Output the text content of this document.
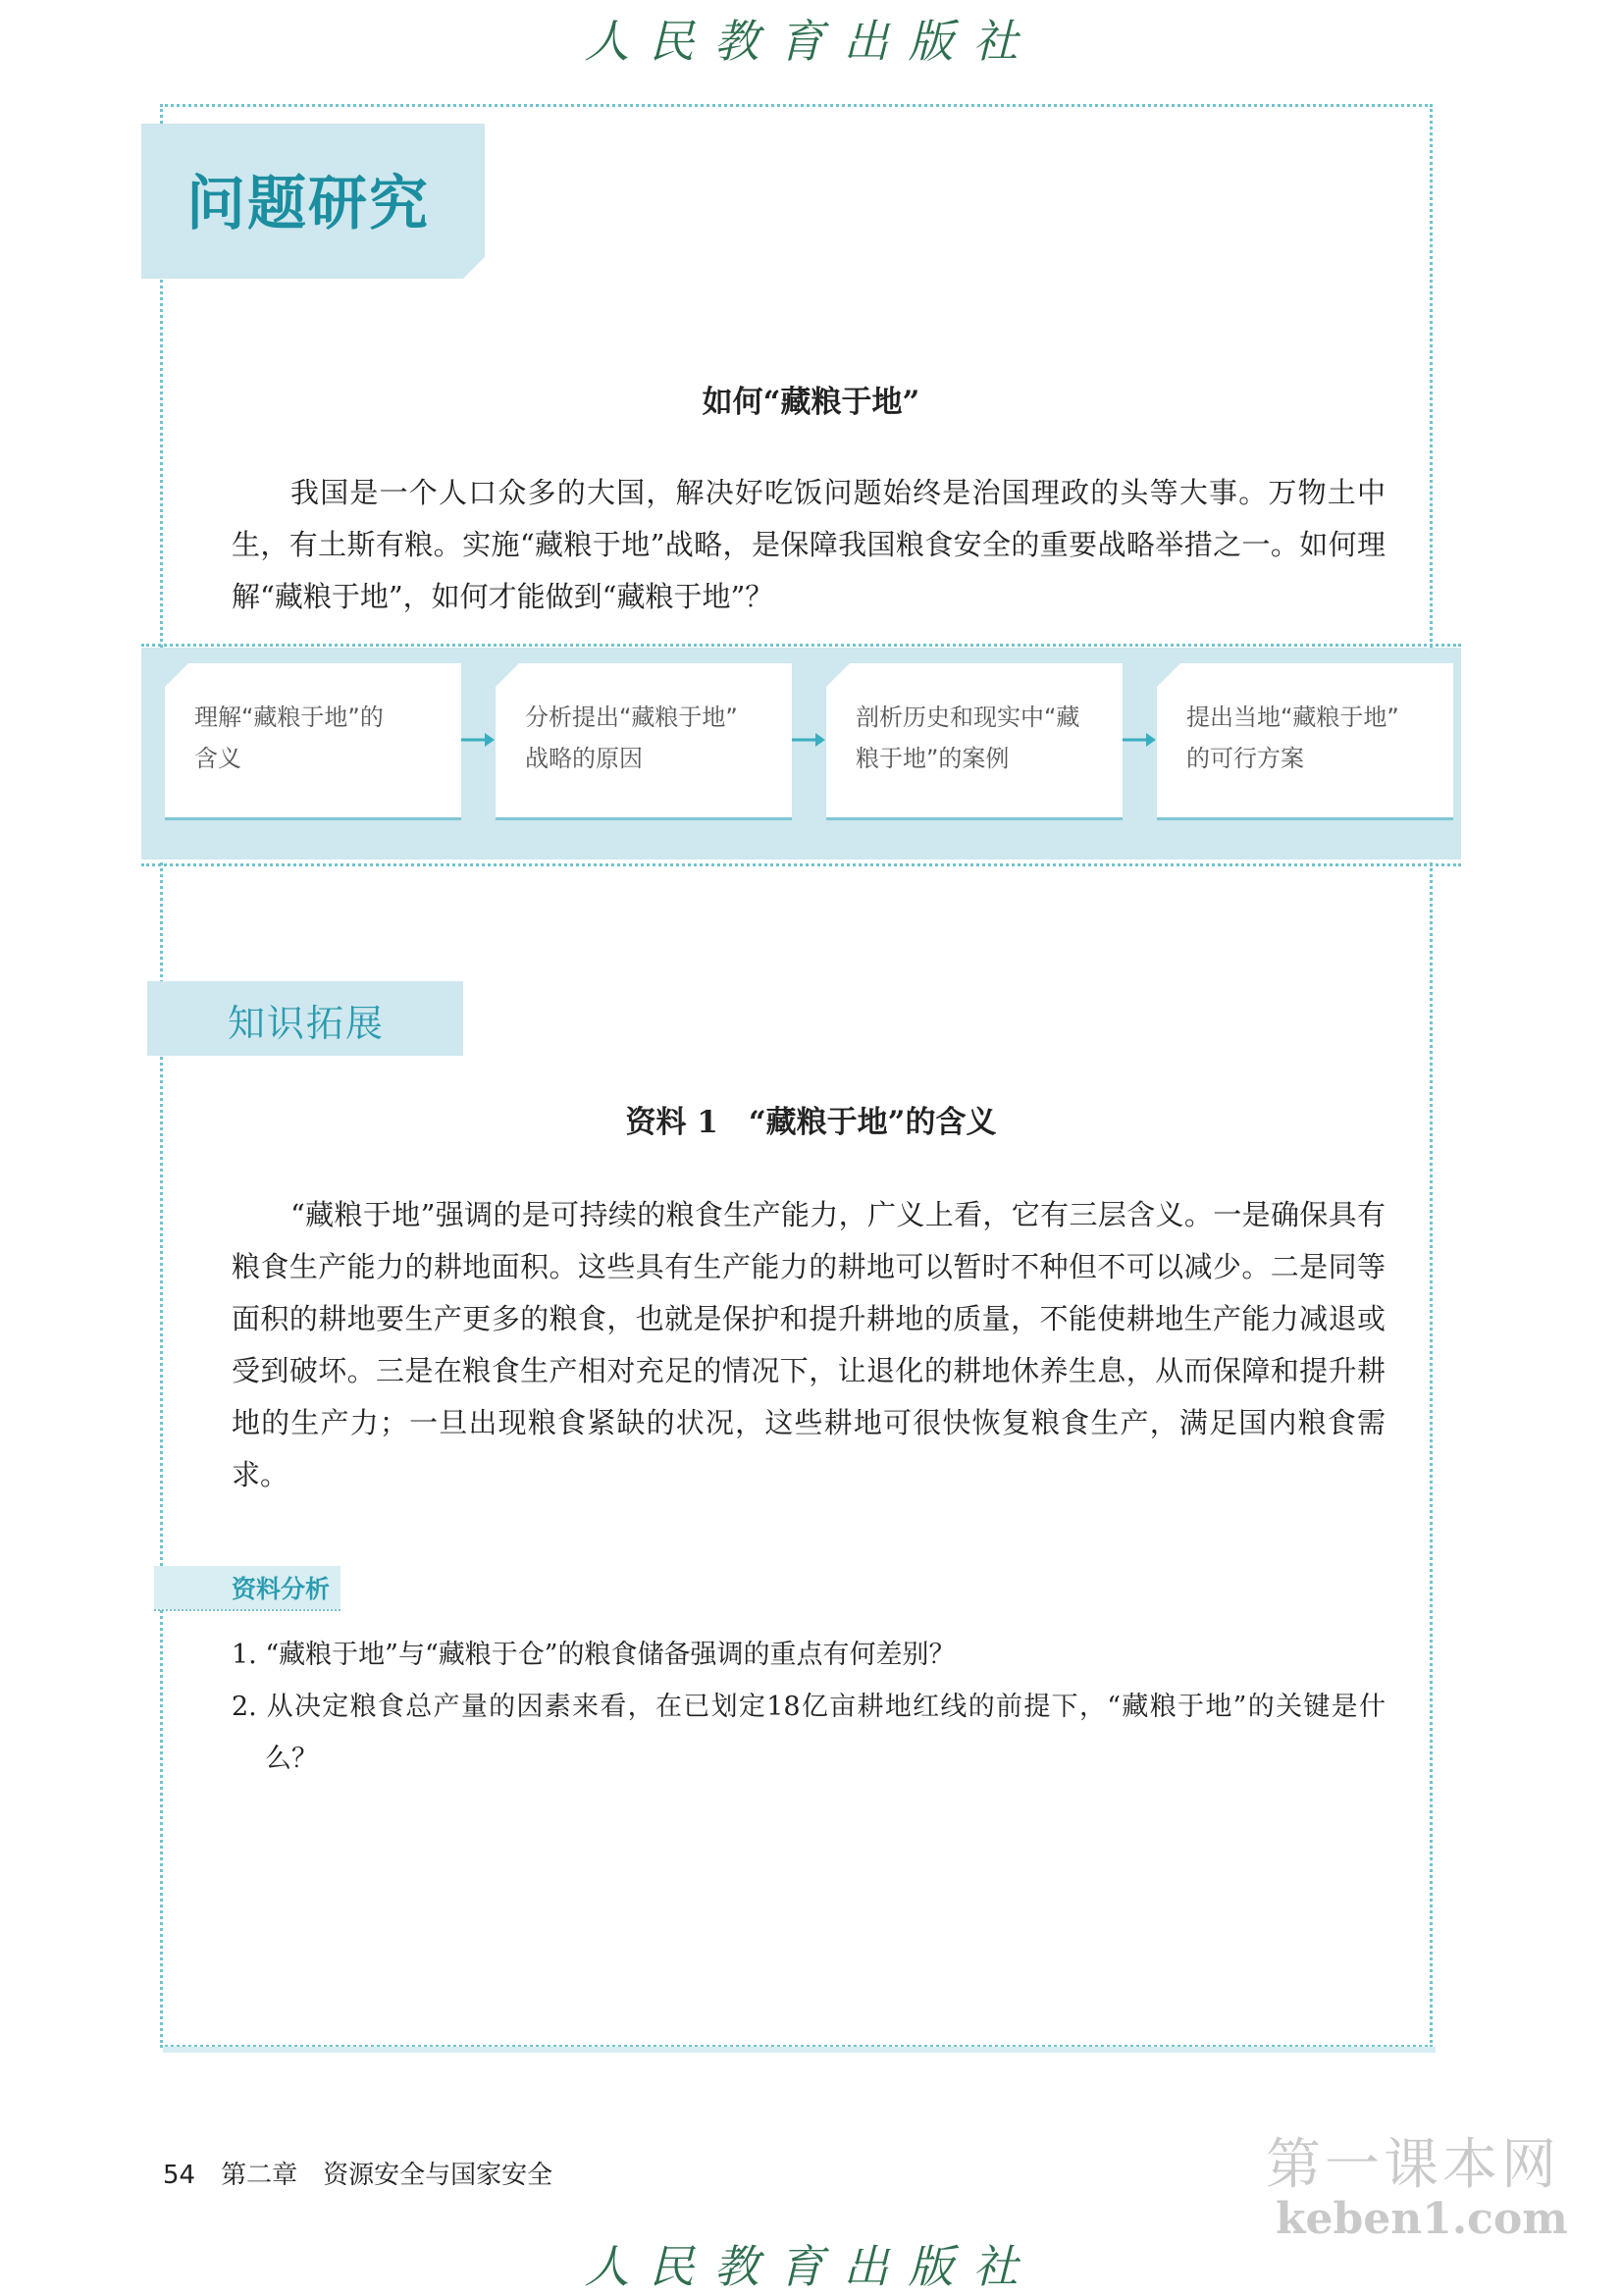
人民教育出版社
问题研究
如何“藏粮于地”
我国是一个人口众多的大国，解决好吃饭问题始终是治国理政的头等大事。万物土中生，有土斯有粮。实施“藏粮于地”战略，是保障我国粮食安全的重要战略举措之一。如何理解“藏粮于地”，如何才能做到“藏粮于地”？
理解“藏粮于地”的
含义
分析提出“藏粮于地”
战略的原因
剖析历史和现实中“藏
粮于地”的案例
提出当地“藏粮于地”
的可行方案
知识拓展
资料 1　“藏粮于地”的含义
“藏粮于地”强调的是可持续的粮食生产能力，广义上看，它有三层含义。一是确保具有粮食生产能力的耕地面积。这些具有生产能力的耕地可以暂时不种但不可以减少。二是同等面积的耕地要生产更多的粮食，也就是保护和提升耕地的质量，不能使耕地生产能力减退或受到破坏。三是在粮食生产相对充足的情况下，让退化的耕地休养生息，从而保障和提升耕地的生产力；一旦出现粮食紧缺的状况，这些耕地可很快恢复粮食生产，满足国内粮食需求。
资料分析
1. “藏粮于地”与“藏粮于仓”的粮食储备强调的重点有何差别？
2. 从决定粮食总产量的因素来看，在已划定18亿亩耕地红线的前提下，“藏粮于地”的关键是什么？
54 第二章　资源安全与国家安全	第一课本网
keben1.com
人民教育出版社
